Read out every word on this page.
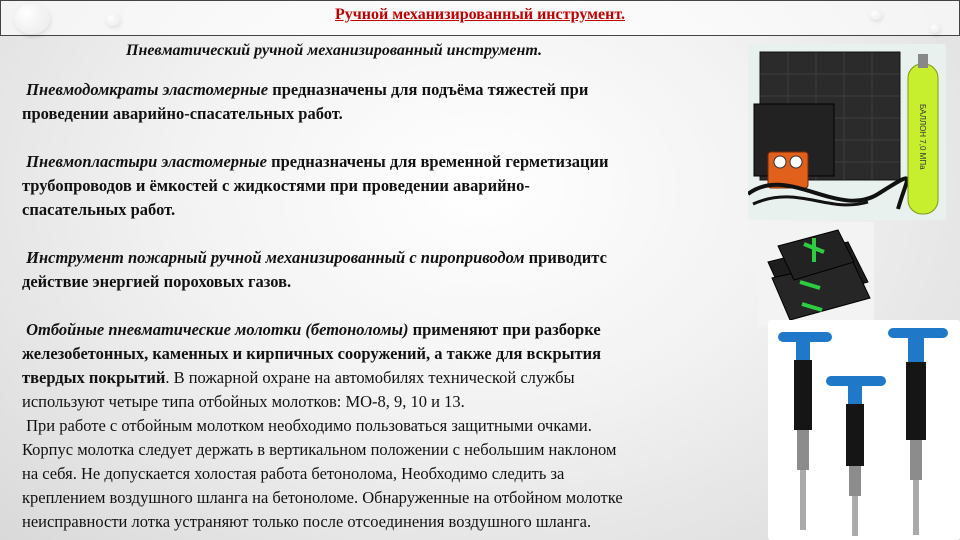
Ручной механизированный инструмент.
Пневматический ручной механизированный инструмент.
Пневмодомкраты эластомерные предназначены для подъёма тяжестей при
проведении аварийно-спасательных работ.
Пневмопластыри эластомерные предназначены для временной герметизации
трубопроводов и ёмкостей с жидкостями при проведении аварийно-
спасательных работ.
Инструмент пожарный ручной механизированный с пироприводом приводитс
действие энергией пороховых газов.
Отбойные пневматические молотки (бетоноломы) применяют при разборке
железобетонных, каменных и кирпичных сооружений, а также для вскрытия
твердых покрытий. В пожарной охране на автомобилях технической службы
используют четыре типа отбойных молотков: МО-8, 9, 10 и 13.
При работе с отбойным молотком необходимо пользоваться защитными очками.
Корпус молотка следует держать в вертикальном положении с небольшим наклоном
на себя. Не допускается холостая работа бетонолома, Необходимо следить за
креплением воздушного шланга на бетоноломе. Обнаруженные на отбойном молотке
неисправности лотка устраняют только после отсоединения воздушного шланга.
БАЛЛОН 7,0 МПа
